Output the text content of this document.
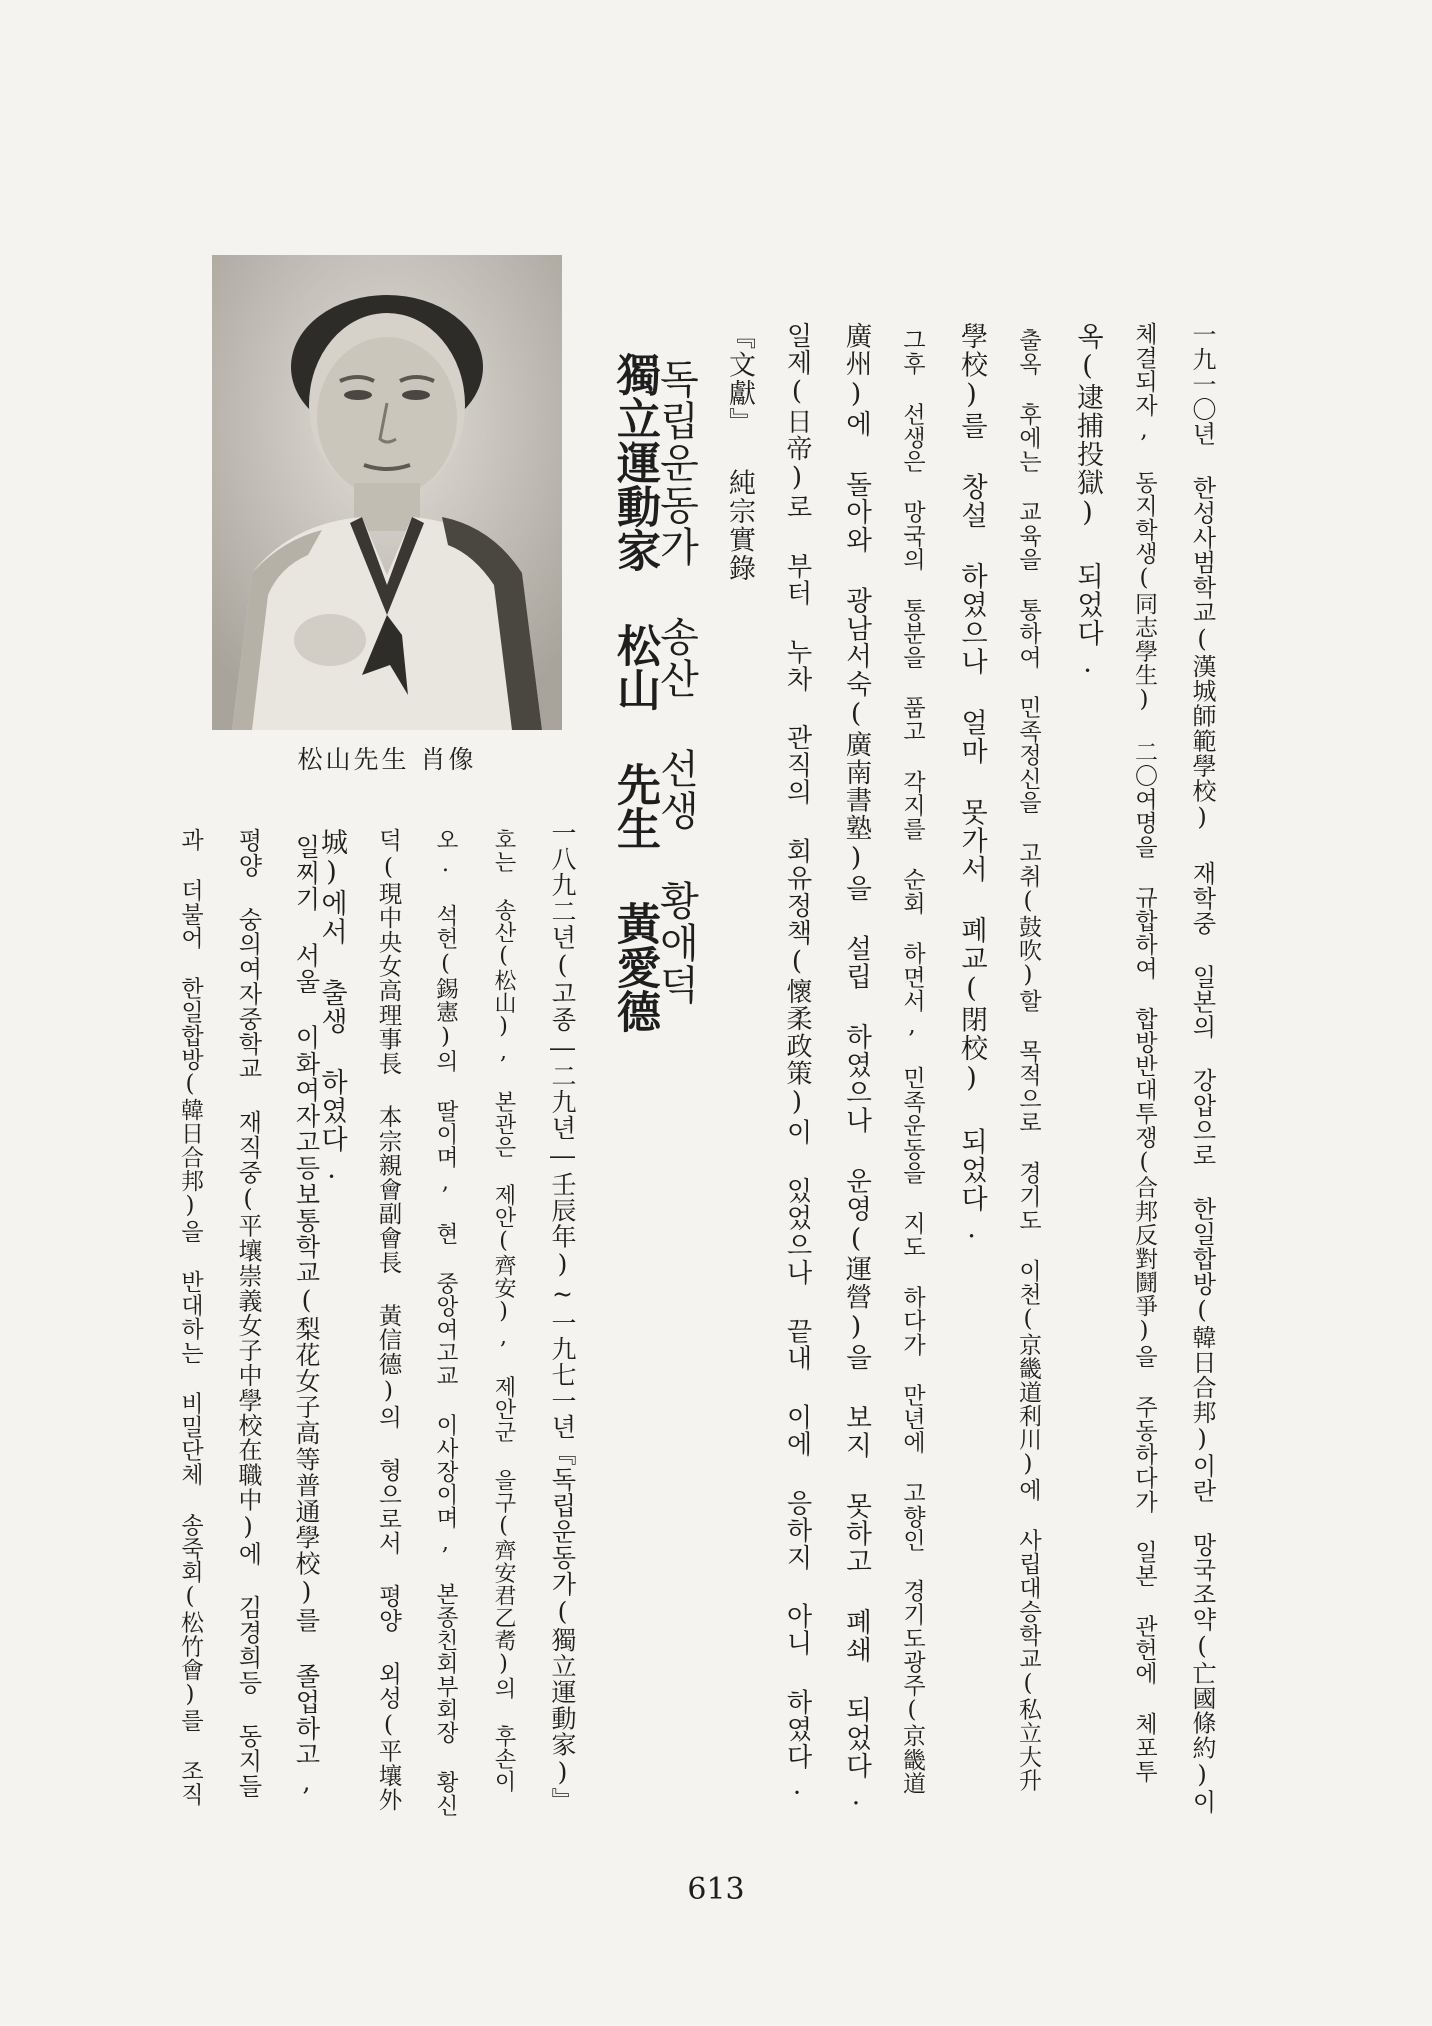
一九一〇년 한성사범학교(漢城師範學校) 재학중 일본의 강압으로 한일합방(韓日合邦)이란 망국조약(亡國條約)이
체결되자, 동지학생(同志學生) 二〇여명을 규합하여 합방반대투쟁(合邦反對鬪爭)을 주동하다가 일본 관헌에 체포투
옥(逮捕投獄) 되었다.
출옥 후에는 교육을 통하여 민족정신을 고취(鼓吹)할 목적으로 경기도 이천(京畿道利川)에 사립대승학교(私立大升
學校)를 창설 하였으나 얼마 못가서 폐교(閉校) 되었다.
그후 선생은 망국의 통분을 품고 각지를 순회 하면서, 민족운동을 지도 하다가 만년에 고향인 경기도광주(京畿道
廣州)에 돌아와 광남서숙(廣南書塾)을 설립 하였으나 운영(運營)을 보지 못하고 폐쇄 되었다.
일제(日帝)로 부터 누차 관직의 회유정책(懷柔政策)이 있었으나 끝내 이에 응하지 아니 하였다.
『文獻』 純宗實錄
독립운동가 송산 선생 황애덕
獨立運動家 松山 先生 黃愛德
松山先生 肖像
一八九二년(고종―二九년―壬辰年)~一九七一년『독립운동가(獨立運動家)』
호는 송산(松山), 본관은 제안(齊安), 제안군 을구(齊安君乙耉)의 후손이
오. 석헌(錫憲)의 딸이며, 현 중앙여고교 이사장이며, 본종친회부회장 황신
덕(現中央女高理事長 本宗親會副會長 黃信德)의 형으로서 평양 외성(平壤外
城)에서 출생 하였다.
일찌기 서울 이화여자고등보통학교(梨花女子高等普通學校)를 졸업하고,
평양 숭의여자중학교 재직중(平壤崇義女子中學校在職中)에 김경희등 동지들
과 더불어 한일합방(韓日合邦)을 반대하는 비밀단체 송죽회(松竹會)를 조직
613
